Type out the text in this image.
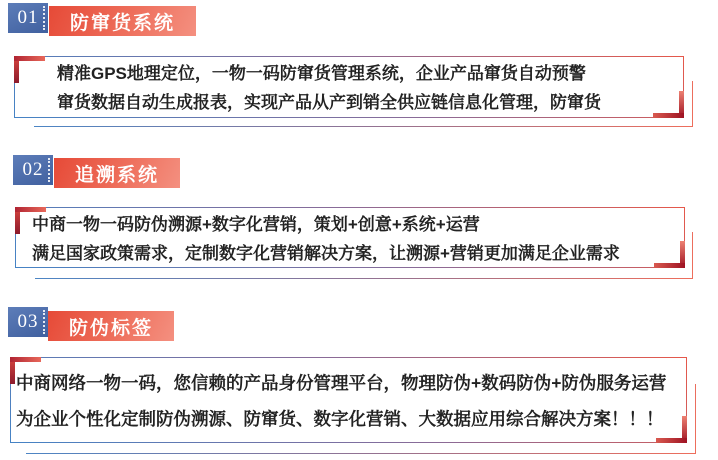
01 防窜货系统
精准GPS地理定位，一物一码防窜货管理系统，企业产品窜货自动预警
窜货数据自动生成报表，实现产品从产到销全供应链信息化管理，防窜货
02 追溯系统
中商一物一码防伪溯源+数字化营销，策划+创意+系统+运营
满足国家政策需求，定制数字化营销解决方案，让溯源+营销更加满足企业需求
03 防伪标签
中商网络一物一码，您信赖的产品身份管理平台，物理防伪+数码防伪+防伪服务运营
为企业个性化定制防伪溯源、防窜货、数字化营销、大数据应用综合解决方案！！！
